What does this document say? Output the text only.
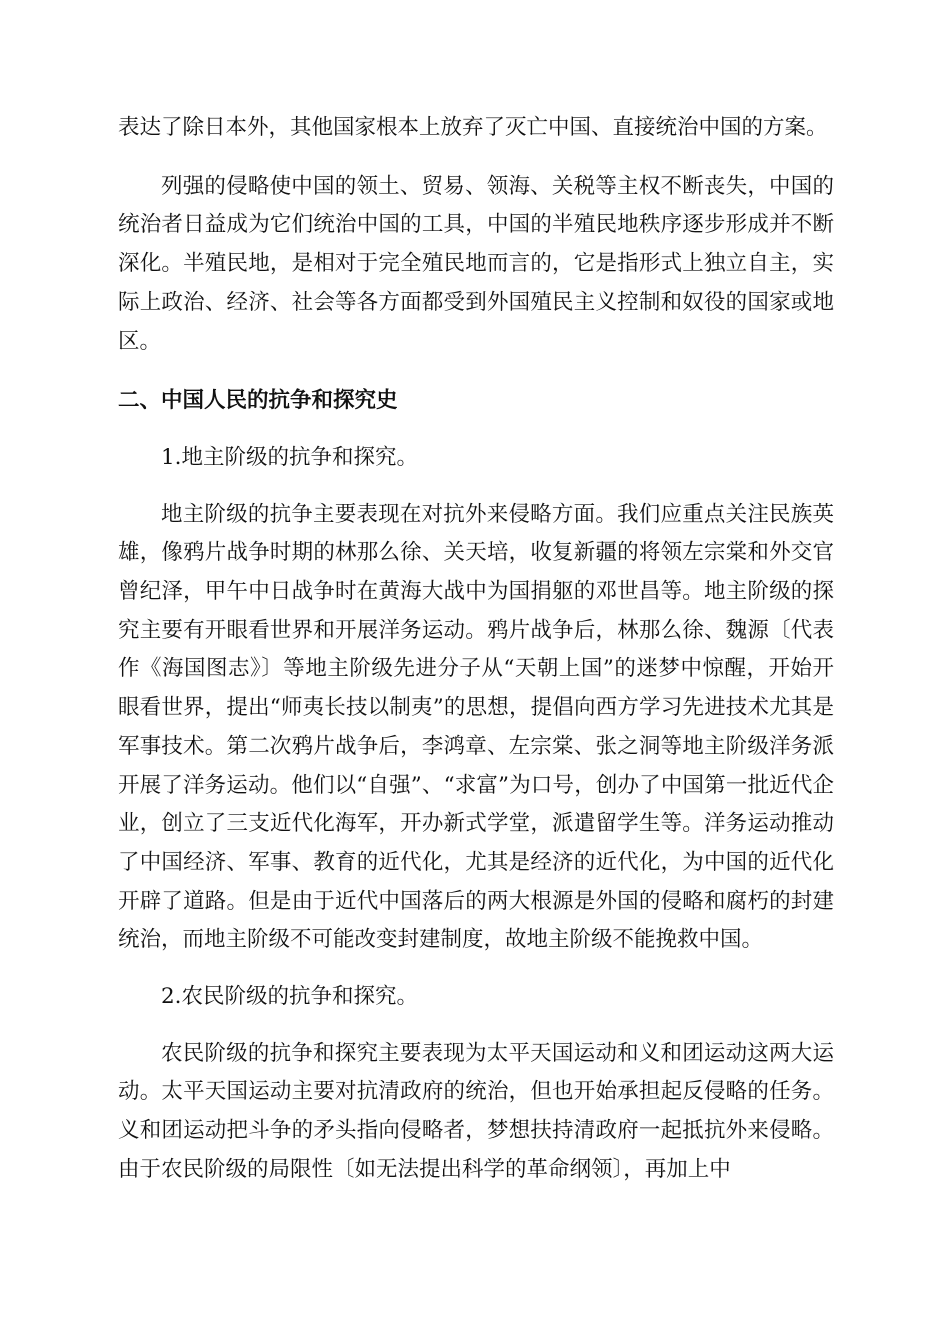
表达了除日本外，其他国家根本上放弃了灭亡中国、直接统治中国的方案。

列强的侵略使中国的领土、贸易、领海、关税等主权不断丧失，中国的统治者日益成为它们统治中国的工具，中国的半殖民地秩序逐步形成并不断深化。半殖民地，是相对于完全殖民地而言的，它是指形式上独立自主，实际上政治、经济、社会等各方面都受到外国殖民主义控制和奴役的国家或地区。

二、中国人民的抗争和探究史

1.地主阶级的抗争和探究。

地主阶级的抗争主要表现在对抗外来侵略方面。我们应重点关注民族英雄，像鸦片战争时期的林那么徐、关天培，收复新疆的将领左宗棠和外交官曾纪泽，甲午中日战争时在黄海大战中为国捐躯的邓世昌等。地主阶级的探究主要有开眼看世界和开展洋务运动。鸦片战争后，林那么徐、魏源〔代表作《海国图志》〕等地主阶级先进分子从“天朝上国”的迷梦中惊醒，开始开眼看世界，提出“师夷长技以制夷”的思想，提倡向西方学习先进技术尤其是军事技术。第二次鸦片战争后，李鸿章、左宗棠、张之洞等地主阶级洋务派开展了洋务运动。他们以“自强”、“求富”为口号，创办了中国第一批近代企业，创立了三支近代化海军，开办新式学堂，派遣留学生等。洋务运动推动了中国经济、军事、教育的近代化，尤其是经济的近代化，为中国的近代化开辟了道路。但是由于近代中国落后的两大根源是外国的侵略和腐朽的封建统治，而地主阶级不可能改变封建制度，故地主阶级不能挽救中国。

2.农民阶级的抗争和探究。

农民阶级的抗争和探究主要表现为太平天国运动和义和团运动这两大运动。太平天国运动主要对抗清政府的统治，但也开始承担起反侵略的任务。义和团运动把斗争的矛头指向侵略者，梦想扶持清政府一起抵抗外来侵略。由于农民阶级的局限性〔如无法提出科学的革命纲领〕，再加上中
